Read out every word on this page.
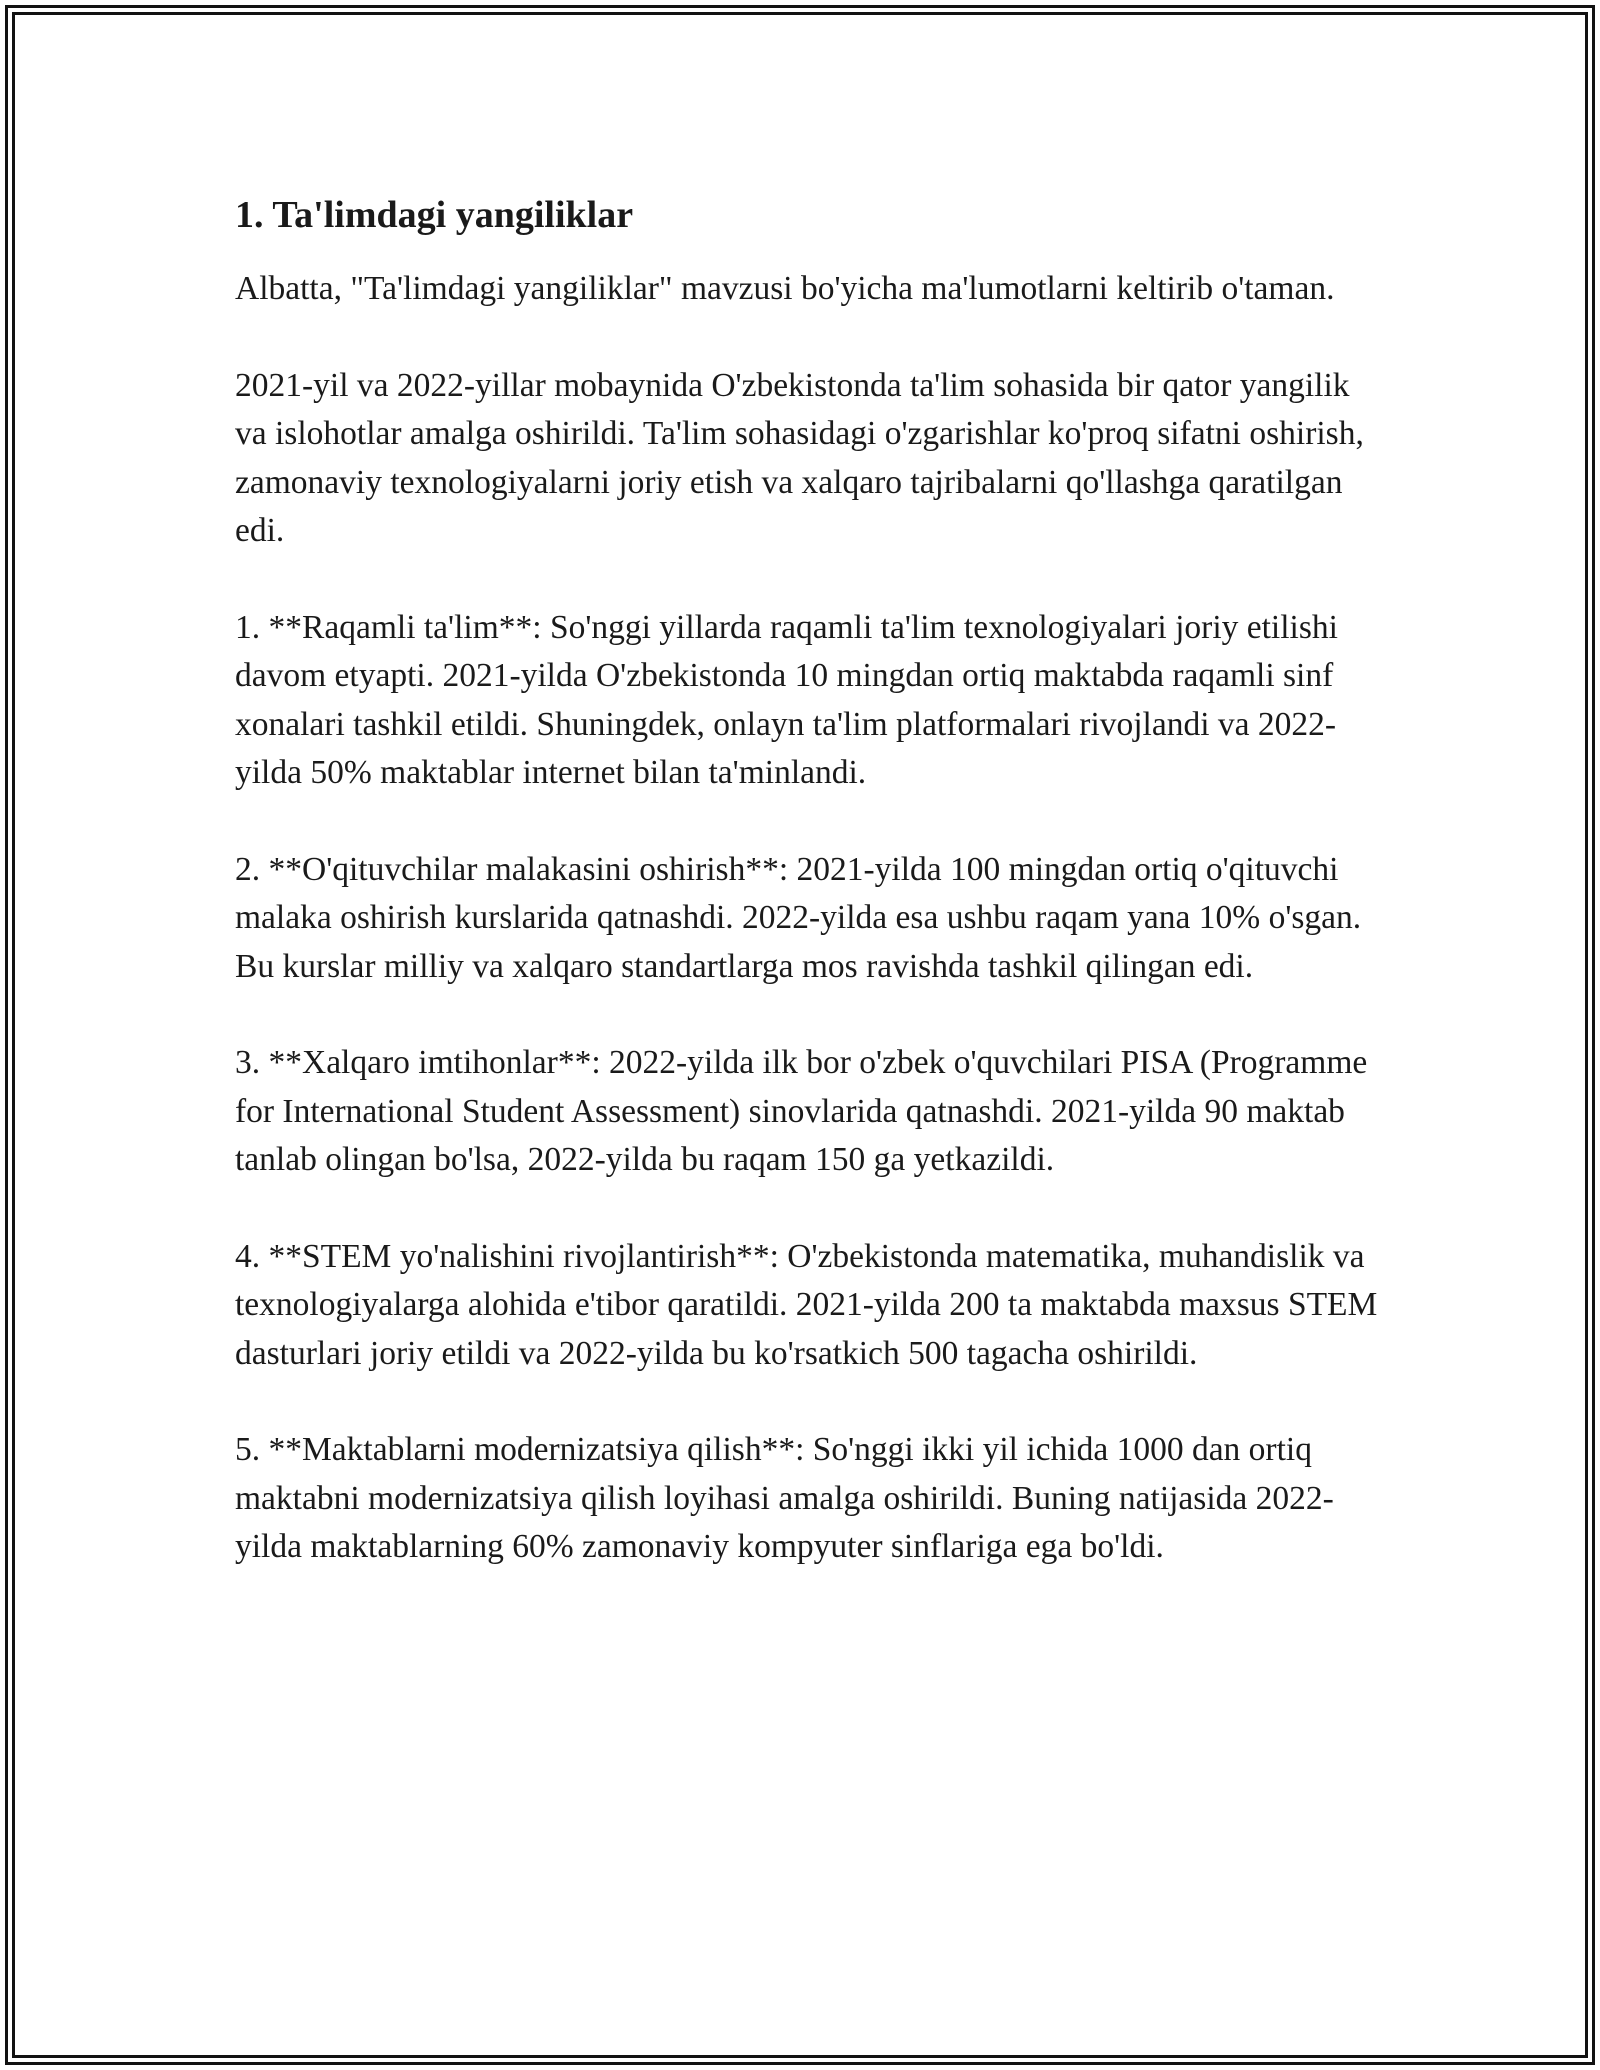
1. Ta'limdagi yangiliklar

Albatta, "Ta'limdagi yangiliklar" mavzusi bo'yicha ma'lumotlarni keltirib o'taman.

2021-yil va 2022-yillar mobaynida O'zbekistonda ta'lim sohasida bir qator yangilik va islohotlar amalga oshirildi. Ta'lim sohasidagi o'zgarishlar ko'proq sifatni oshirish, zamonaviy texnologiyalarni joriy etish va xalqaro tajribalarni qo'llashga qaratilgan edi.

1. **Raqamli ta'lim**: So'nggi yillarda raqamli ta'lim texnologiyalari joriy etilishi davom etyapti. 2021-yilda O'zbekistonda 10 mingdan ortiq maktabda raqamli sinf xonalari tashkil etildi. Shuningdek, onlayn ta'lim platformalari rivojlandi va 2022-yilda 50% maktablar internet bilan ta'minlandi.

2. **O'qituvchilar malakasini oshirish**: 2021-yilda 100 mingdan ortiq o'qituvchi malaka oshirish kurslarida qatnashdi. 2022-yilda esa ushbu raqam yana 10% o'sgan. Bu kurslar milliy va xalqaro standartlarga mos ravishda tashkil qilingan edi.

3. **Xalqaro imtihonlar**: 2022-yilda ilk bor o'zbek o'quvchilari PISA (Programme for International Student Assessment) sinovlarida qatnashdi. 2021-yilda 90 maktab tanlab olingan bo'lsa, 2022-yilda bu raqam 150 ga yetkazildi.

4. **STEM yo'nalishini rivojlantirish**: O'zbekistonda matematika, muhandislik va texnologiyalarga alohida e'tibor qaratildi. 2021-yilda 200 ta maktabda maxsus STEM dasturlari joriy etildi va 2022-yilda bu ko'rsatkich 500 tagacha oshirildi.

5. **Maktablarni modernizatsiya qilish**: So'nggi ikki yil ichida 1000 dan ortiq maktabni modernizatsiya qilish loyihasi amalga oshirildi. Buning natijasida 2022-yilda maktablarning 60% zamonaviy kompyuter sinflariga ega bo'ldi.
